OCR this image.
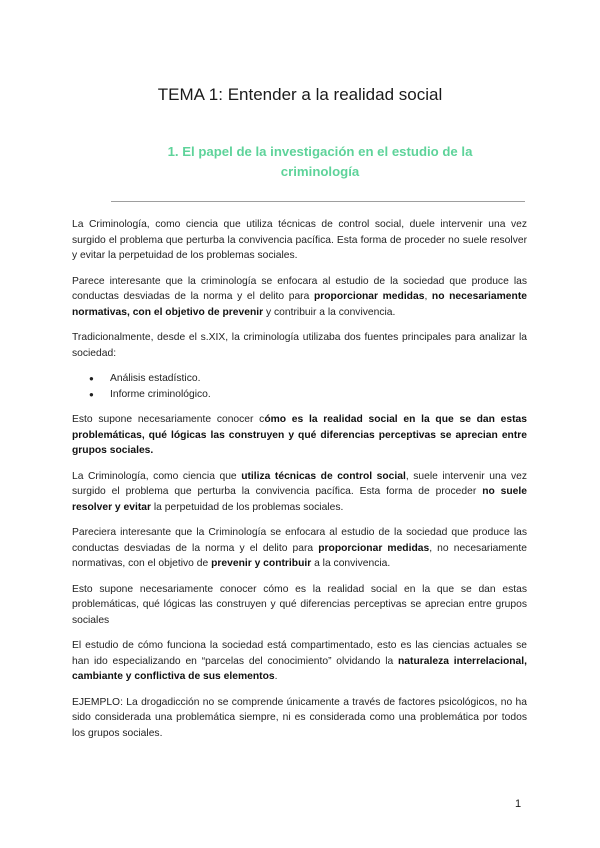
TEMA 1: Entender a la realidad social
1. El papel de la investigación en el estudio de la criminología

La Criminología, como ciencia que utiliza técnicas de control social, duele intervenir una vez surgido el problema que perturba la convivencia pacífica. Esta forma de proceder no suele resolver y evitar la perpetuidad de los problemas sociales.

Parece interesante que la criminología se enfocara al estudio de la sociedad que produce las conductas desviadas de la norma y el delito para proporcionar medidas, no necesariamente normativas, con el objetivo de prevenir y contribuir a la convivencia.

Tradicionalmente, desde el s.XIX, la criminología utilizaba dos fuentes principales para analizar la sociedad:

● Análisis estadístico.
● Informe criminológico.

Esto supone necesariamente conocer cómo es la realidad social en la que se dan estas problemáticas, qué lógicas las construyen y qué diferencias perceptivas se aprecian entre grupos sociales.

La Criminología, como ciencia que utiliza técnicas de control social, suele intervenir una vez surgido el problema que perturba la convivencia pacífica. Esta forma de proceder no suele resolver y evitar la perpetuidad de los problemas sociales.

Pareciera interesante que la Criminología se enfocara al estudio de la sociedad que produce las conductas desviadas de la norma y el delito para proporcionar medidas, no necesariamente normativas, con el objetivo de prevenir y contribuir a la convivencia.

Esto supone necesariamente conocer cómo es la realidad social en la que se dan estas problemáticas, qué lógicas las construyen y qué diferencias perceptivas se aprecian entre grupos sociales

El estudio de cómo funciona la sociedad está compartimentado, esto es las ciencias actuales se han ido especializando en “parcelas del conocimiento” olvidando la naturaleza interrelacional, cambiante y conflictiva de sus elementos.

EJEMPLO: La drogadicción no se comprende únicamente a través de factores psicológicos, no ha sido considerada una problemática siempre, ni es considerada como una problemática por todos los grupos sociales.

1
